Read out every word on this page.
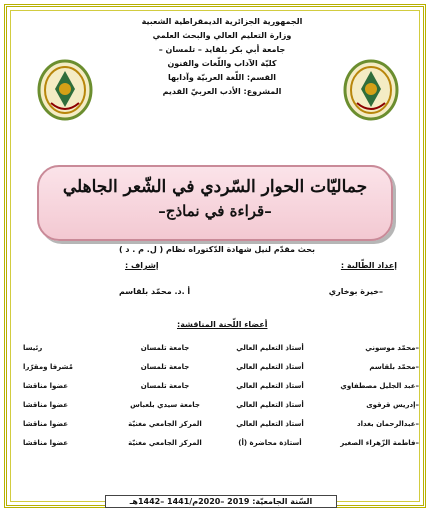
الجمهورية الجزائرية الديمقراطية الشعبية
وزارة التعليم العالي والبحث العلمي
جامعة أبي بكر بلقايد – تلمسان –
كليّة الآداب واللّغات والفنون
القسم: اللّغة العربيّة وآدابها
المشروع: الأدب العربيّ القديم
جماليّات الحوار السّردي في الشّعر الجاهلي
–قراءة في نماذج–
بحث مقدّم لنيل شهادة الدّكتوراه نظام ( ل. م . د )
إعداد الطّالبة :
إشراف :
–خيرة بوخاري
أ .د. محمّد بلقاسم
أعضاء اللّجنة المناقشة:
–محمّد موسوني	أستاذ التعليم العالي	جامعة تلمسان	رئيسا
–محمّد بلقاسم	أستاذ التعليم العالي	جامعة تلمسان	مُشرفا ومقرّرا
–عبد الجليل مصطفاوي	أستاذ التعليم العالي	جامعة تلمسان	عضوا مناقشا
–إدريس قرقوى	أستاذ التعليم العالي	جامعة سيدي بلعباس	عضوا مناقشا
–عبدالرحمان بغداد	أستاذ التعليم العالي	المركز الجامعي مغنيّة	عضوا مناقشا
–فاطمة الزّهراء الصغير	أستاذة محاضرة (أ)	المركز الجامعي مغنيّة	عضوا مناقشا
السّنة الجامعيّة: 2019 –2020م/1441 –1442هـ
